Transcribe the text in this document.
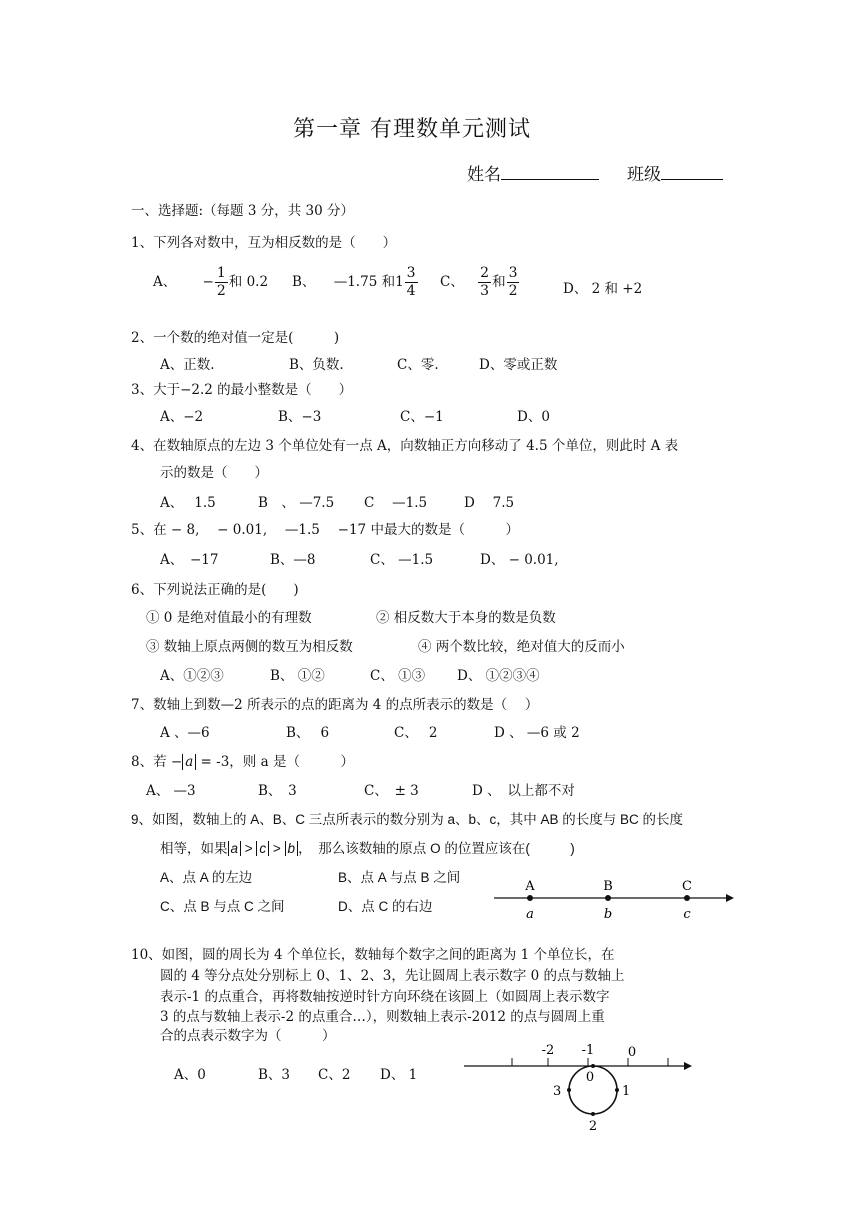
第一章 有理数单元测试
姓名	班级
一、选择题:（每题 3 分，共 30 分）
1、下列各对数中，互为相反数的是（　　）
A、 − $\frac{1}{2}$ 和 0.2 B、 —1.75 和$1 \frac{3}{4}$ C、 $\frac{2}{3}$ 和 $\frac{3}{2}$	D、 2 和 +2
2、一个数的绝对值一定是(　　　)
A、正数.	B、负数.	C、零.	D、零或正数
3、大于−2.2 的最小整数是（　　）
A、−2	B、−3	C、−1	D、0
4、在数轴原点的左边 3 个单位处有一点 A，向数轴正方向移动了 4.5 个单位，则此时 A 表
示的数是（　　）
A、　 1.5	B　、 —7.5 C　 —1.5	D　 7.5
5、在 − 8,　 − 0.01,　 —1.5　 −17 中最大的数是（　　　）
A、　−17	B、—8	C、 —1.5	D、 − 0.01,
6、下列说法正确的是(　　)
① 0 是绝对值最小的有理数	② 相反数大于本身的数是负数
③ 数轴上原点两侧的数互为相反数	④ 两个数比较，绝对值大的反而小
A、①②③	B、 ①②	C、 ①③ D、 ①②③④
7、数轴上到数—2 所表示的点的距离为 4 的点所表示的数是（　 ）
A 、—6	B、　 6	C、　 2	D 、 —6 或 2
8、若 − a = -3，则 a 是（　　　）
A、 —3	B、　3	C、　± 3	D 、　以上都不对
9、如图，数轴上的 A、B、C 三点所表示的数分别为 a、b、c，其中 AB 的长度与 BC 的长度
相等，如果 a > c > b ，　那么该数轴的原点 O 的位置应该在(　　　)
A、点 A 的左边	B、点 A 与点 B 之间
C、点 B 与点 C 之间	D、点 C 的右边
A	B	C
a	b	c
10、如图，圆的周长为 4 个单位长，数轴每个数字之间的距离为 1 个单位长，在
圆的 4 等分点处分别标上 0、1、2、3，先让圆周上表示数字 0 的点与数轴上
表示-1 的点重合，再将数轴按逆时针方向环绕在该圆上（如圆周上表示数字
3 的点与数轴上表示-2 的点重合…），则数轴上表示-2012 的点与圆周上重
合的点表示数字为（　　　）
A、0	B、3 C、2 D、 1
-2 -1	0
0
1
2
3
